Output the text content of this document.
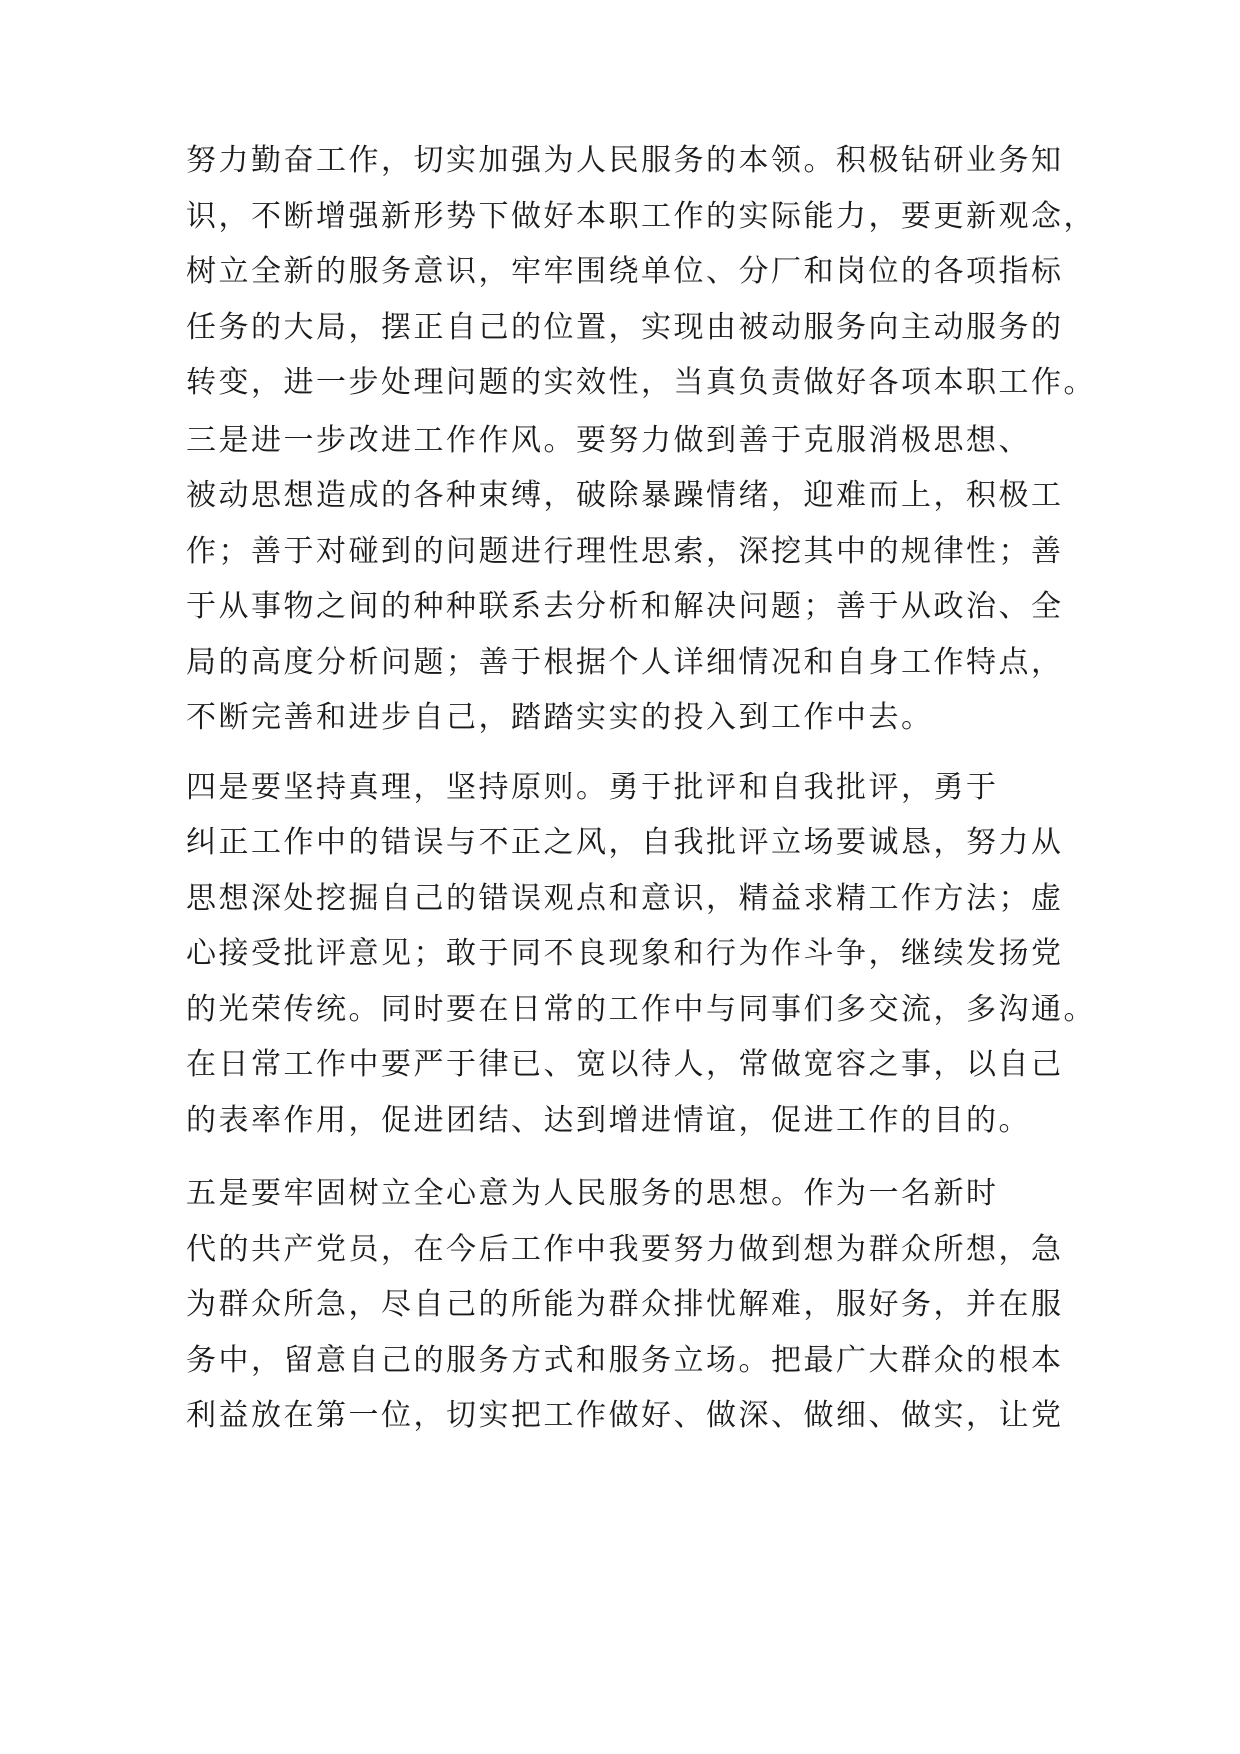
努力勤奋工作，切实加强为人民服务的本领。积极钻研业务知
识，不断增强新形势下做好本职工作的实际能力，要更新观念，
树立全新的服务意识，牢牢围绕单位、分厂和岗位的各项指标
任务的大局，摆正自己的位置，实现由被动服务向主动服务的
转变，进一步处理问题的实效性，当真负责做好各项本职工作。
三是进一步改进工作作风。要努力做到善于克服消极思想、
被动思想造成的各种束缚，破除暴躁情绪，迎难而上，积极工
作；善于对碰到的问题进行理性思索，深挖其中的规律性；善
于从事物之间的种种联系去分析和解决问题；善于从政治、全
局的高度分析问题；善于根据个人详细情况和自身工作特点，
不断完善和进步自己，踏踏实实的投入到工作中去。
四是要坚持真理，坚持原则。勇于批评和自我批评，勇于
纠正工作中的错误与不正之风，自我批评立场要诚恳，努力从
思想深处挖掘自己的错误观点和意识，精益求精工作方法；虚
心接受批评意见；敢于同不良现象和行为作斗争，继续发扬党
的光荣传统。同时要在日常的工作中与同事们多交流，多沟通。
在日常工作中要严于律已、宽以待人，常做宽容之事，以自己
的表率作用，促进团结、达到增进情谊，促进工作的目的。
五是要牢固树立全心意为人民服务的思想。作为一名新时
代的共产党员，在今后工作中我要努力做到想为群众所想，急
为群众所急，尽自己的所能为群众排忧解难，服好务，并在服
务中，留意自己的服务方式和服务立场。把最广大群众的根本
利益放在第一位，切实把工作做好、做深、做细、做实，让党
